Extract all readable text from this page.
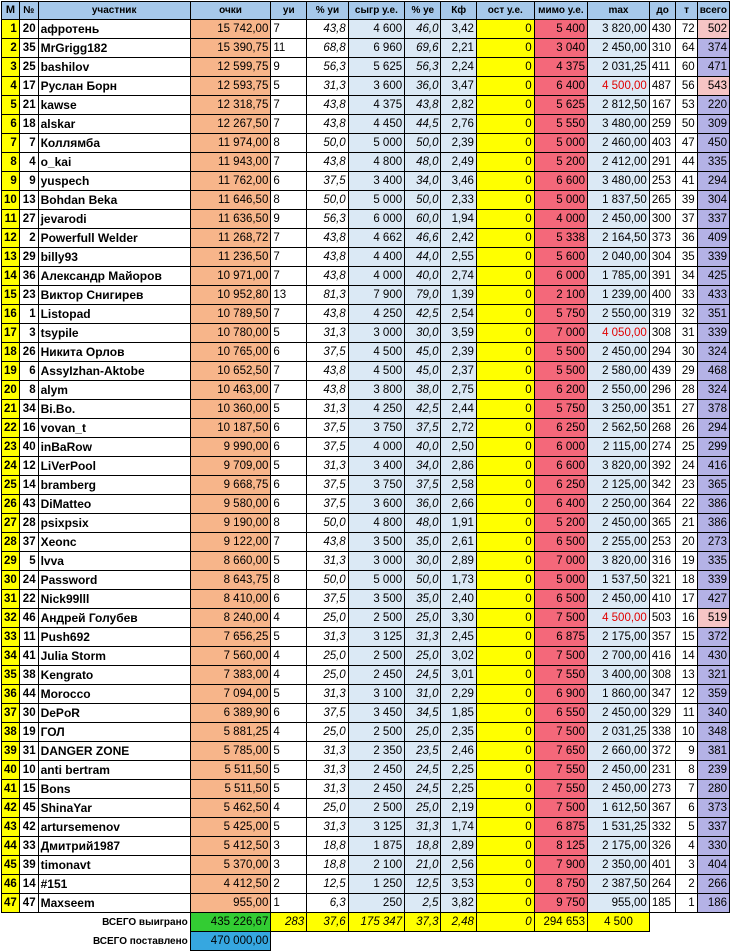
М	№	участник	очки	уи	% уи	сыгр у.е.	% уе	Кф	ост у.е.	мимо у.е.	max	до	т	всего
1	20	афротень	15 742,00	7	43,8	4 600	46,0	3,42	0	5 400	3 820,00	430	72	502
2	35	MrGrigg182	15 390,75	11	68,8	6 960	69,6	2,21	0	3 040	2 450,00	310	64	374
3	25	bashilov	12 599,75	9	56,3	5 625	56,3	2,24	0	4 375	2 031,25	411	60	471
4	17	Руслан Борн	12 593,75	5	31,3	3 600	36,0	3,47	0	6 400	4 500,00	487	56	543
5	21	kawse	12 318,75	7	43,8	4 375	43,8	2,82	0	5 625	2 812,50	167	53	220
6	18	alskar	12 267,50	7	43,8	4 450	44,5	2,76	0	5 550	3 480,00	259	50	309
7	7	Коллямба	11 974,00	8	50,0	5 000	50,0	2,39	0	5 000	2 460,00	403	47	450
8	4	o_kai	11 943,00	7	43,8	4 800	48,0	2,49	0	5 200	2 412,00	291	44	335
9	9	yuspech	11 762,00	6	37,5	3 400	34,0	3,46	0	6 600	3 480,00	253	41	294
10	13	Bohdan Beka	11 646,50	8	50,0	5 000	50,0	2,33	0	5 000	1 837,50	265	39	304
11	27	jevarodi	11 636,50	9	56,3	6 000	60,0	1,94	0	4 000	2 450,00	300	37	337
12	2	Powerfull Welder	11 268,72	7	43,8	4 662	46,6	2,42	0	5 338	2 164,50	373	36	409
13	29	billy93	11 236,50	7	43,8	4 400	44,0	2,55	0	5 600	2 040,00	304	35	339
14	36	Александр Майоров	10 971,00	7	43,8	4 000	40,0	2,74	0	6 000	1 785,00	391	34	425
15	23	Виктор Снигирев	10 952,80	13	81,3	7 900	79,0	1,39	0	2 100	1 239,00	400	33	433
16	1	Listopad	10 789,50	7	43,8	4 250	42,5	2,54	0	5 750	2 550,00	319	32	351
17	3	tsypile	10 780,00	5	31,3	3 000	30,0	3,59	0	7 000	4 050,00	308	31	339
18	26	Никита Орлов	10 765,00	6	37,5	4 500	45,0	2,39	0	5 500	2 450,00	294	30	324
19	6	AssyIzhan-Aktobe	10 652,50	7	43,8	4 500	45,0	2,37	0	5 500	2 580,00	439	29	468
20	8	alym	10 463,00	7	43,8	3 800	38,0	2,75	0	6 200	2 550,00	296	28	324
21	34	Bi.Bo.	10 360,00	5	31,3	4 250	42,5	2,44	0	5 750	3 250,00	351	27	378
22	16	vovan_t	10 187,50	6	37,5	3 750	37,5	2,72	0	6 250	2 562,50	268	26	294
23	40	inBaRow	9 990,00	6	37,5	4 000	40,0	2,50	0	6 000	2 115,00	274	25	299
24	12	LiVerPool	9 709,00	5	31,3	3 400	34,0	2,86	0	6 600	3 820,00	392	24	416
25	14	bramberg	9 668,75	6	37,5	3 750	37,5	2,58	0	6 250	2 125,00	342	23	365
26	43	DiMatteo	9 580,00	6	37,5	3 600	36,0	2,66	0	6 400	2 250,00	364	22	386
27	28	psixpsix	9 190,00	8	50,0	4 800	48,0	1,91	0	5 200	2 450,00	365	21	386
28	37	Xeonc	9 122,00	7	43,8	3 500	35,0	2,61	0	6 500	2 255,00	253	20	273
29	5	lvva	8 660,00	5	31,3	3 000	30,0	2,89	0	7 000	3 820,00	316	19	335
30	24	Password	8 643,75	8	50,0	5 000	50,0	1,73	0	5 000	1 537,50	321	18	339
31	22	Nick99lll	8 410,00	6	37,5	3 500	35,0	2,40	0	6 500	2 450,00	410	17	427
32	46	Андрей Голубев	8 240,00	4	25,0	2 500	25,0	3,30	0	7 500	4 500,00	503	16	519
33	11	Push692	7 656,25	5	31,3	3 125	31,3	2,45	0	6 875	2 175,00	357	15	372
34	41	Julia Storm	7 560,00	4	25,0	2 500	25,0	3,02	0	7 500	2 700,00	416	14	430
35	38	Kengrato	7 383,00	4	25,0	2 450	24,5	3,01	0	7 550	3 400,00	308	13	321
36	44	Morocco	7 094,00	5	31,3	3 100	31,0	2,29	0	6 900	1 860,00	347	12	359
37	30	DePoR	6 389,90	6	37,5	3 450	34,5	1,85	0	6 550	2 450,00	329	11	340
38	19	ГОЛ	5 881,25	4	25,0	2 500	25,0	2,35	0	7 500	2 031,25	338	10	348
39	31	DANGER ZONE	5 785,00	5	31,3	2 350	23,5	2,46	0	7 650	2 660,00	372	9	381
40	10	anti bertram	5 511,50	5	31,3	2 450	24,5	2,25	0	7 550	2 450,00	231	8	239
41	15	Bons	5 511,50	5	31,3	2 450	24,5	2,25	0	7 550	2 450,00	273	7	280
42	45	ShinaYar	5 462,50	4	25,0	2 500	25,0	2,19	0	7 500	1 612,50	367	6	373
43	42	artursemenov	5 425,00	5	31,3	3 125	31,3	1,74	0	6 875	1 531,25	332	5	337
44	33	Дмитрий1987	5 412,50	3	18,8	1 875	18,8	2,89	0	8 125	2 175,00	326	4	330
45	39	timonavt	5 370,00	3	18,8	2 100	21,0	2,56	0	7 900	2 350,00	401	3	404
46	14	#151	4 412,50	2	12,5	1 250	12,5	3,53	0	8 750	2 387,50	264	2	266
47	47	Maxseem	955,00	1	6,3	250	2,5	3,82	0	9 750	955,00	185	1	186
ВСЕГО выиграно			435 226,67	283	37,6	175 347	37,3	2,48	0	294 653	4 500			
ВСЕГО поставлено			470 000,00											
